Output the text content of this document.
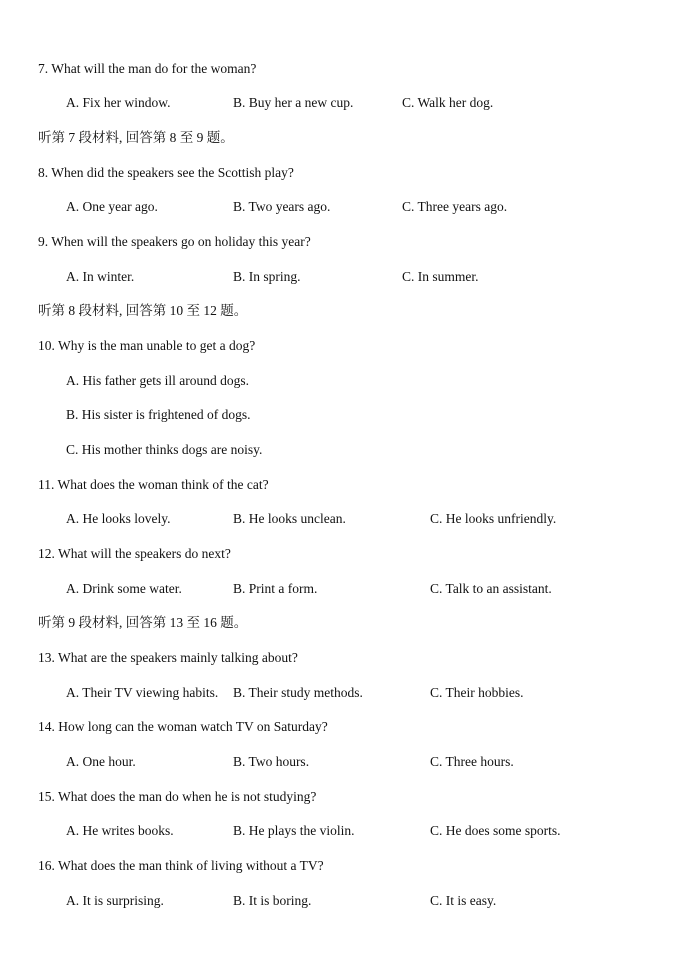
7. What will the man do for the woman?
A. Fix her window.	B. Buy her a new cup.	C. Walk her dog.
听第 7 段材料, 回答第 8 至 9 题。
8. When did the speakers see the Scottish play?
A. One year ago.	B. Two years ago.	C. Three years ago.
9. When will the speakers go on holiday this year?
A. In winter.	B. In spring.	C. In summer.
听第 8 段材料, 回答第 10 至 12 题。
10. Why is the man unable to get a dog?
A. His father gets ill around dogs.
B. His sister is frightened of dogs.
C. His mother thinks dogs are noisy.
11. What does the woman think of the cat?
A. He looks lovely.	B. He looks unclean.	C. He looks unfriendly.
12. What will the speakers do next?
A. Drink some water.	B. Print a form.	C. Talk to an assistant.
听第 9 段材料, 回答第 13 至 16 题。
13. What are the speakers mainly talking about?
A. Their TV viewing habits. B. Their study methods.	C. Their hobbies.
14. How long can the woman watch TV on Saturday?
A. One hour.	B. Two hours.	C. Three hours.
15. What does the man do when he is not studying?
A. He writes books.	B. He plays the violin.	C. He does some sports.
16. What does the man think of living without a TV?
A. It is surprising.	B. It is boring.	C. It is easy.
